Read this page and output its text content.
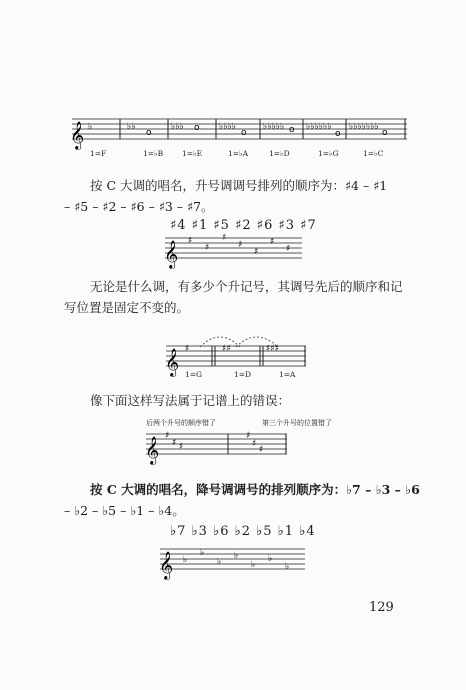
𝄞 ♭	♭♭
o
♭♭♭ o ♭♭♭♭
o
♭♭♭♭♭ o ♭♭♭♭♭♭
o
♭♭♭♭♭♭♭
o
1=F	1=♭B	1=♭E	1=♭A	1=♭D	1=♭G	1=♭C
按 C 大调的唱名，升号调调号排列的顺序为：♯4 – ♯1
– ♯5 – ♯2 – ♯6 – ♯3 – ♯7。
♯4 ♯1 ♯5 ♯2 ♯6 ♯3 ♯7
𝄞 ♯
♯
♯
♯
♯
♯
♯
无论是什么调，有多少个升记号，其调号先后的顺序和记
写位置是固定不变的。
𝄞 ♯	♯♯	♯♯♯
1=G	1=D	1=A
像下面这样写法属于记谱上的错误：
后两个升号的顺序错了	第三个升号的位置错了
𝄞 ♯
♯ ♯
♯
♯
♯
按 C 大调的唱名，降号调调号的排列顺序为：♭7 – ♭3 – ♭6
– ♭2 – ♭5 – ♭1 – ♭4。
♭7 ♭3 ♭6 ♭2 ♭5 ♭1 ♭4
𝄞 ♭
♭
♭
♭
♭
♭
♭
129
